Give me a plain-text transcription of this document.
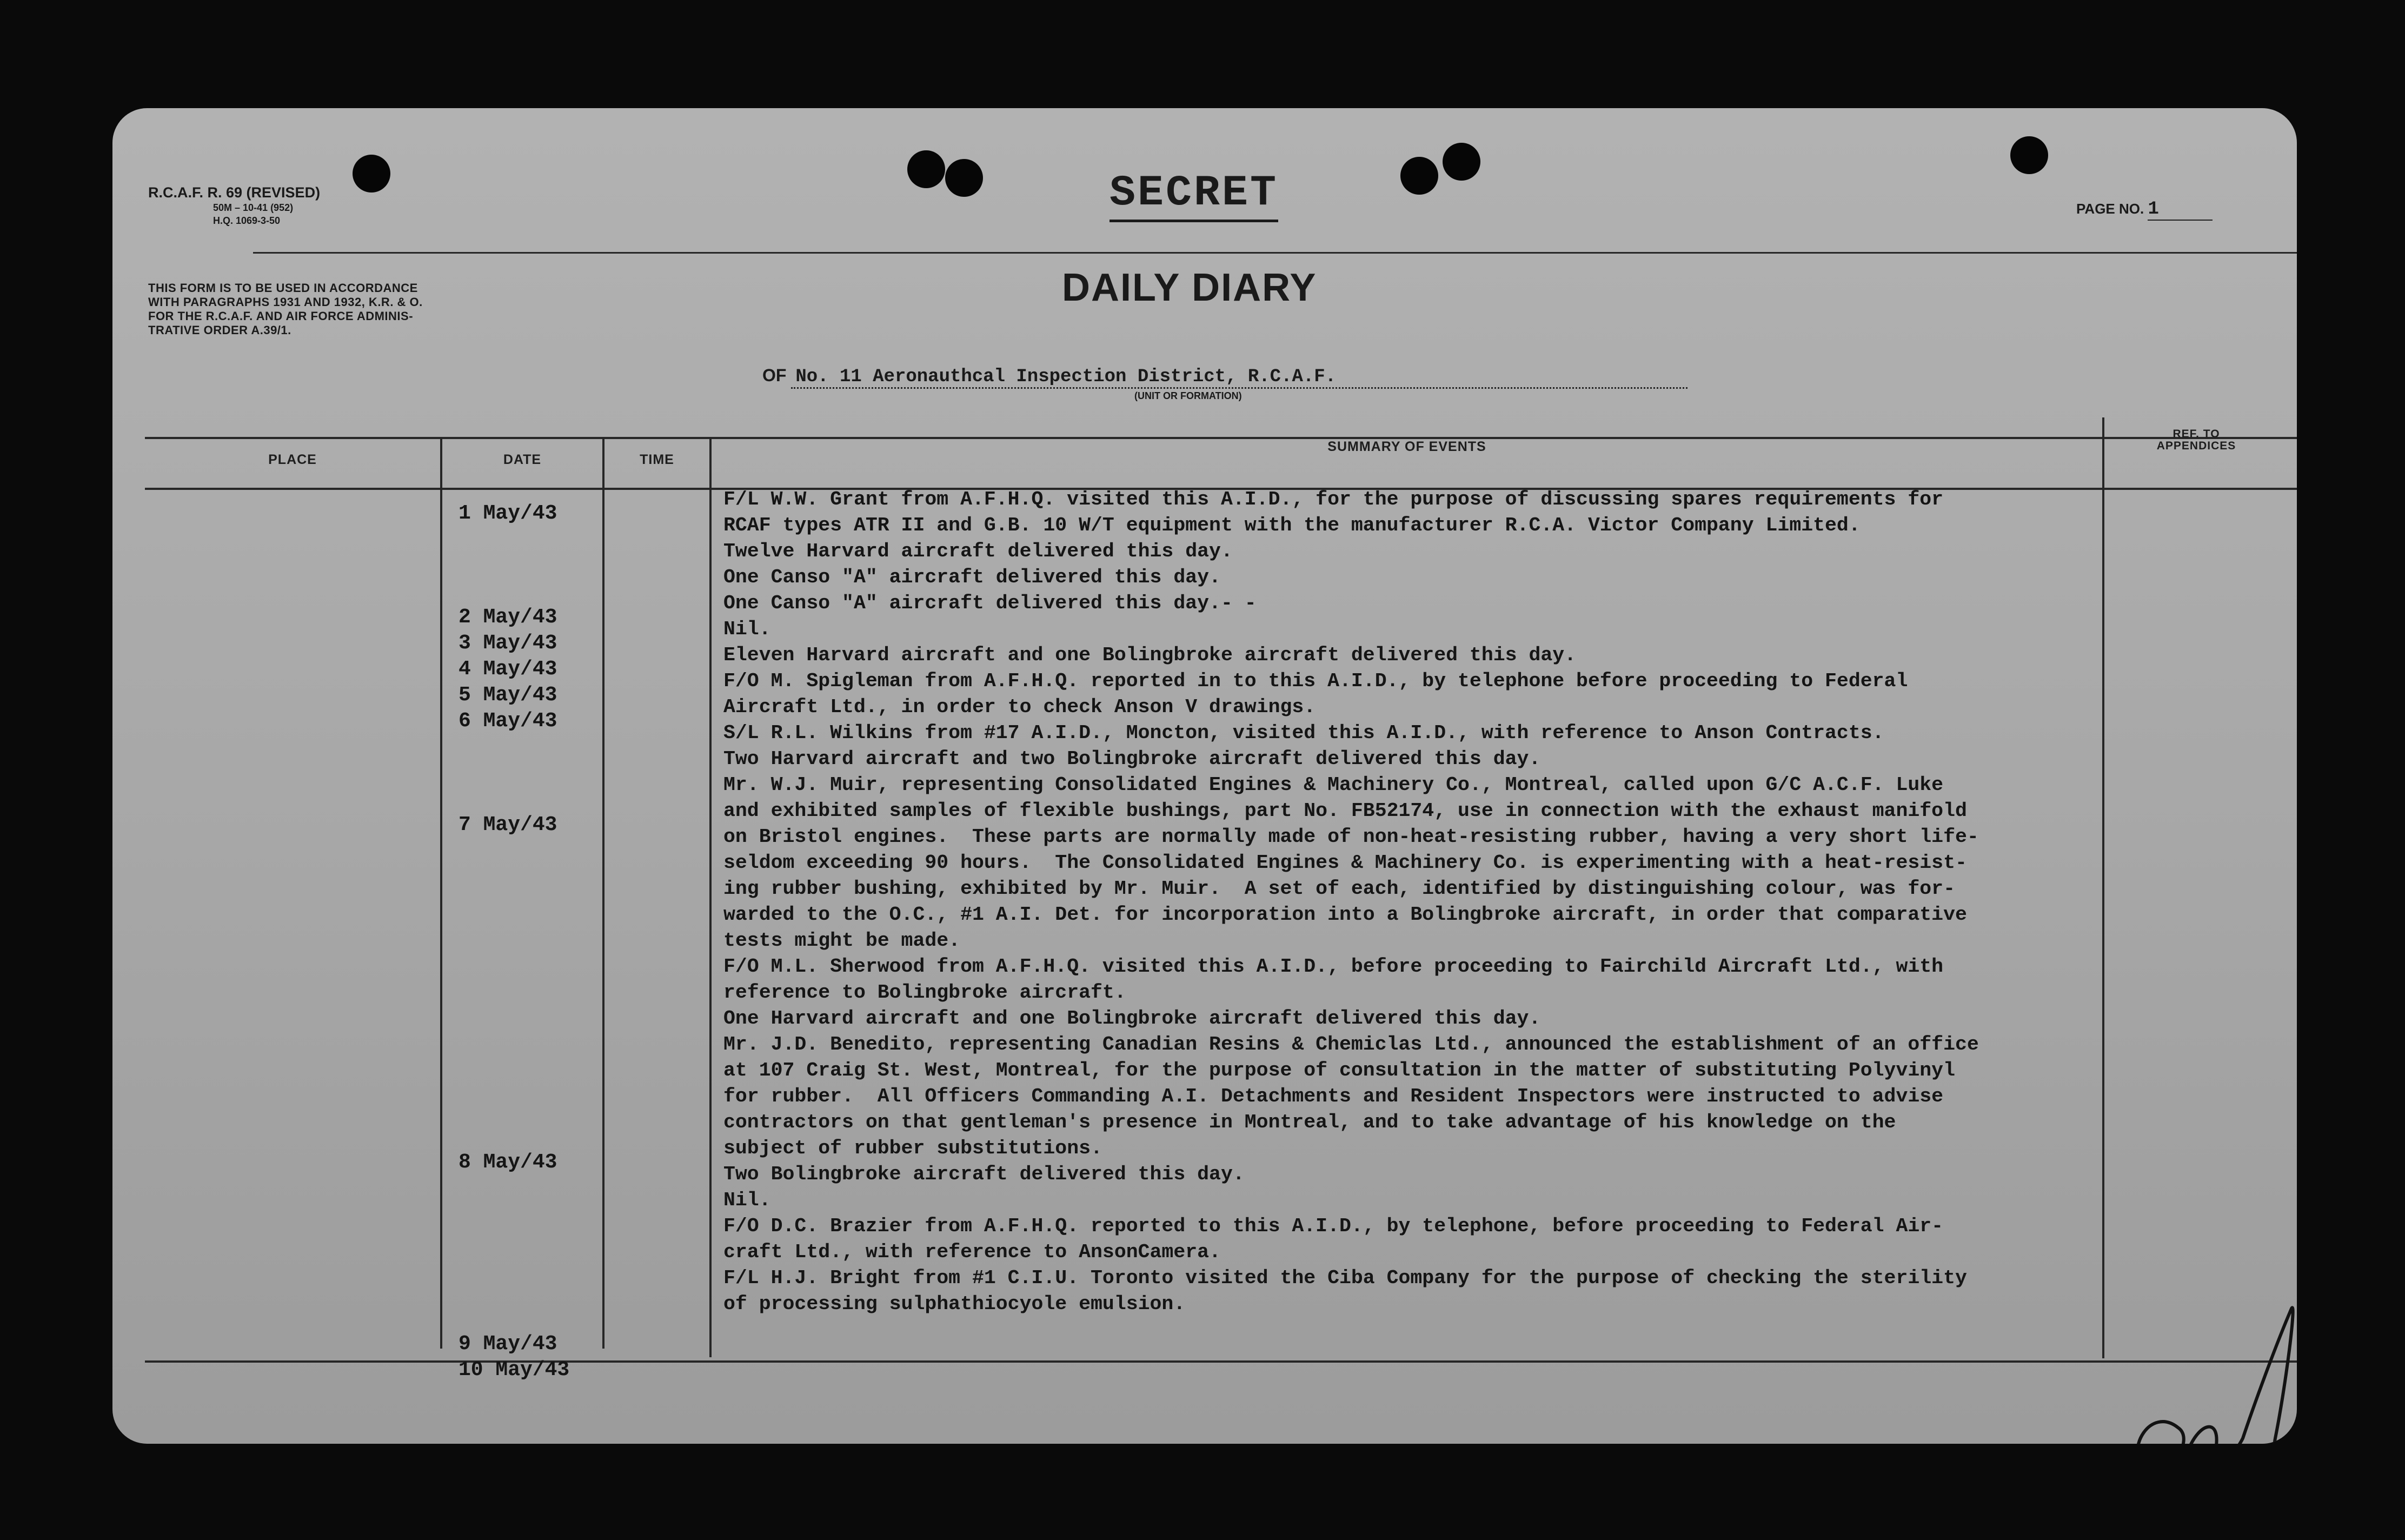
R.C.A.F. R. 69 (REVISED)
50M – 10-41 (952)
H.Q. 1069-3-50
THIS FORM IS TO BE USED IN ACCORDANCE
WITH PARAGRAPHS 1931 AND 1932, K.R. & O.
FOR THE R.C.A.F. AND AIR FORCE ADMINIS-
TRATIVE ORDER A.39/1.
SECRET
DAILY DIARY
PAGE NO. 1
OF No. 11 Aeronauthcal Inspection District, R.C.A.F.
(UNIT OR FORMATION)
PLACE	DATE	TIME
SUMMARY OF EVENTS
REF. TO
APPENDICES
1 May/43
2 May/43
3 May/43
4 May/43
5 May/43
6 May/43
7 May/43
8 May/43
9 May/43
10 May/43
F/L W.W. Grant from A.F.H.Q. visited this A.I.D., for the purpose of discussing spares requirements for
RCAF types ATR II and G.B. 10 W/T equipment with the manufacturer R.C.A. Victor Company Limited.
Twelve Harvard aircraft delivered this day.
One Canso "A" aircraft delivered this day.
One Canso "A" aircraft delivered this day.- -
Nil.
Eleven Harvard aircraft and one Bolingbroke aircraft delivered this day.
F/O M. Spigleman from A.F.H.Q. reported in to this A.I.D., by telephone before proceeding to Federal
Aircraft Ltd., in order to check Anson V drawings.
S/L R.L. Wilkins from #17 A.I.D., Moncton, visited this A.I.D., with reference to Anson Contracts.
Two Harvard aircraft and two Bolingbroke aircraft delivered this day.
Mr. W.J. Muir, representing Consolidated Engines & Machinery Co., Montreal, called upon G/C A.C.F. Luke
and exhibited samples of flexible bushings, part No. FB52174, use in connection with the exhaust manifold
on Bristol engines.  These parts are normally made of non-heat-resisting rubber, having a very short life-
seldom exceeding 90 hours.  The Consolidated Engines & Machinery Co. is experimenting with a heat-resist-
ing rubber bushing, exhibited by Mr. Muir.  A set of each, identified by distinguishing colour, was for-
warded to the O.C., #1 A.I. Det. for incorporation into a Bolingbroke aircraft, in order that comparative
tests might be made.
F/O M.L. Sherwood from A.F.H.Q. visited this A.I.D., before proceeding to Fairchild Aircraft Ltd., with
reference to Bolingbroke aircraft.
One Harvard aircraft and one Bolingbroke aircraft delivered this day.
Mr. J.D. Benedito, representing Canadian Resins & Chemiclas Ltd., announced the establishment of an office
at 107 Craig St. West, Montreal, for the purpose of consultation in the matter of substituting Polyvinyl
for rubber.  All Officers Commanding A.I. Detachments and Resident Inspectors were instructed to advise
contractors on that gentleman's presence in Montreal, and to take advantage of his knowledge on the
subject of rubber substitutions.
Two Bolingbroke aircraft delivered this day.
Nil.
F/O D.C. Brazier from A.F.H.Q. reported to this A.I.D., by telephone, before proceeding to Federal Air-
craft Ltd., with reference to AnsonCamera.
F/L H.J. Bright from #1 C.I.U. Toronto visited the Ciba Company for the purpose of checking the sterility
of processing sulphathiocyole emulsion.
